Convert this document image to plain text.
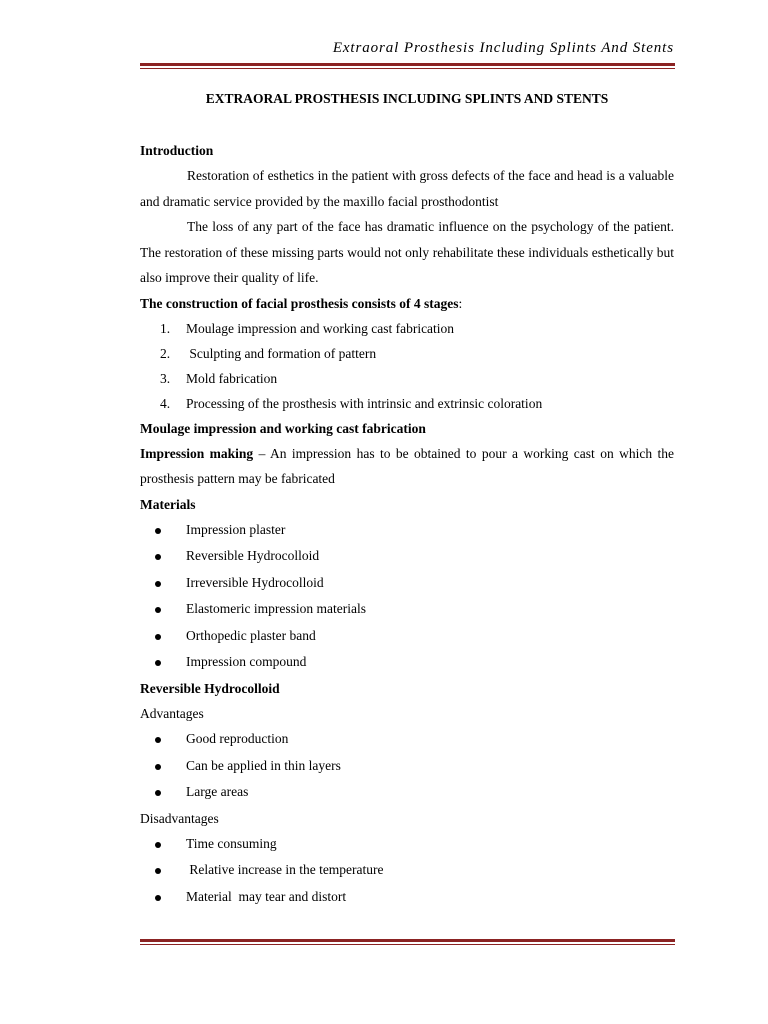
Extraoral Prosthesis Including Splints And Stents
EXTRAORAL PROSTHESIS INCLUDING SPLINTS AND STENTS
Introduction
Restoration of esthetics in the patient with gross defects of the face and head is a valuable and dramatic service provided by the maxillo facial prosthodontist
The loss of any part of the face has dramatic influence on the psychology of the patient. The restoration of these missing parts would not only rehabilitate these individuals esthetically but also improve their quality of life.
The construction of facial prosthesis consists of 4 stages:
1. Moulage impression and working cast fabrication
2. Sculpting and formation of pattern
3. Mold fabrication
4. Processing of the prosthesis with intrinsic and extrinsic coloration
Moulage impression and working cast fabrication
Impression making – An impression has to be obtained to pour a working cast on which the prosthesis pattern may be fabricated
Materials
Impression plaster
Reversible Hydrocolloid
Irreversible Hydrocolloid
Elastomeric impression materials
Orthopedic plaster band
Impression compound
Reversible Hydrocolloid
Advantages
Good reproduction
Can be applied in thin layers
Large areas
Disadvantages
Time consuming
Relative increase in the temperature
Material  may tear and distort
